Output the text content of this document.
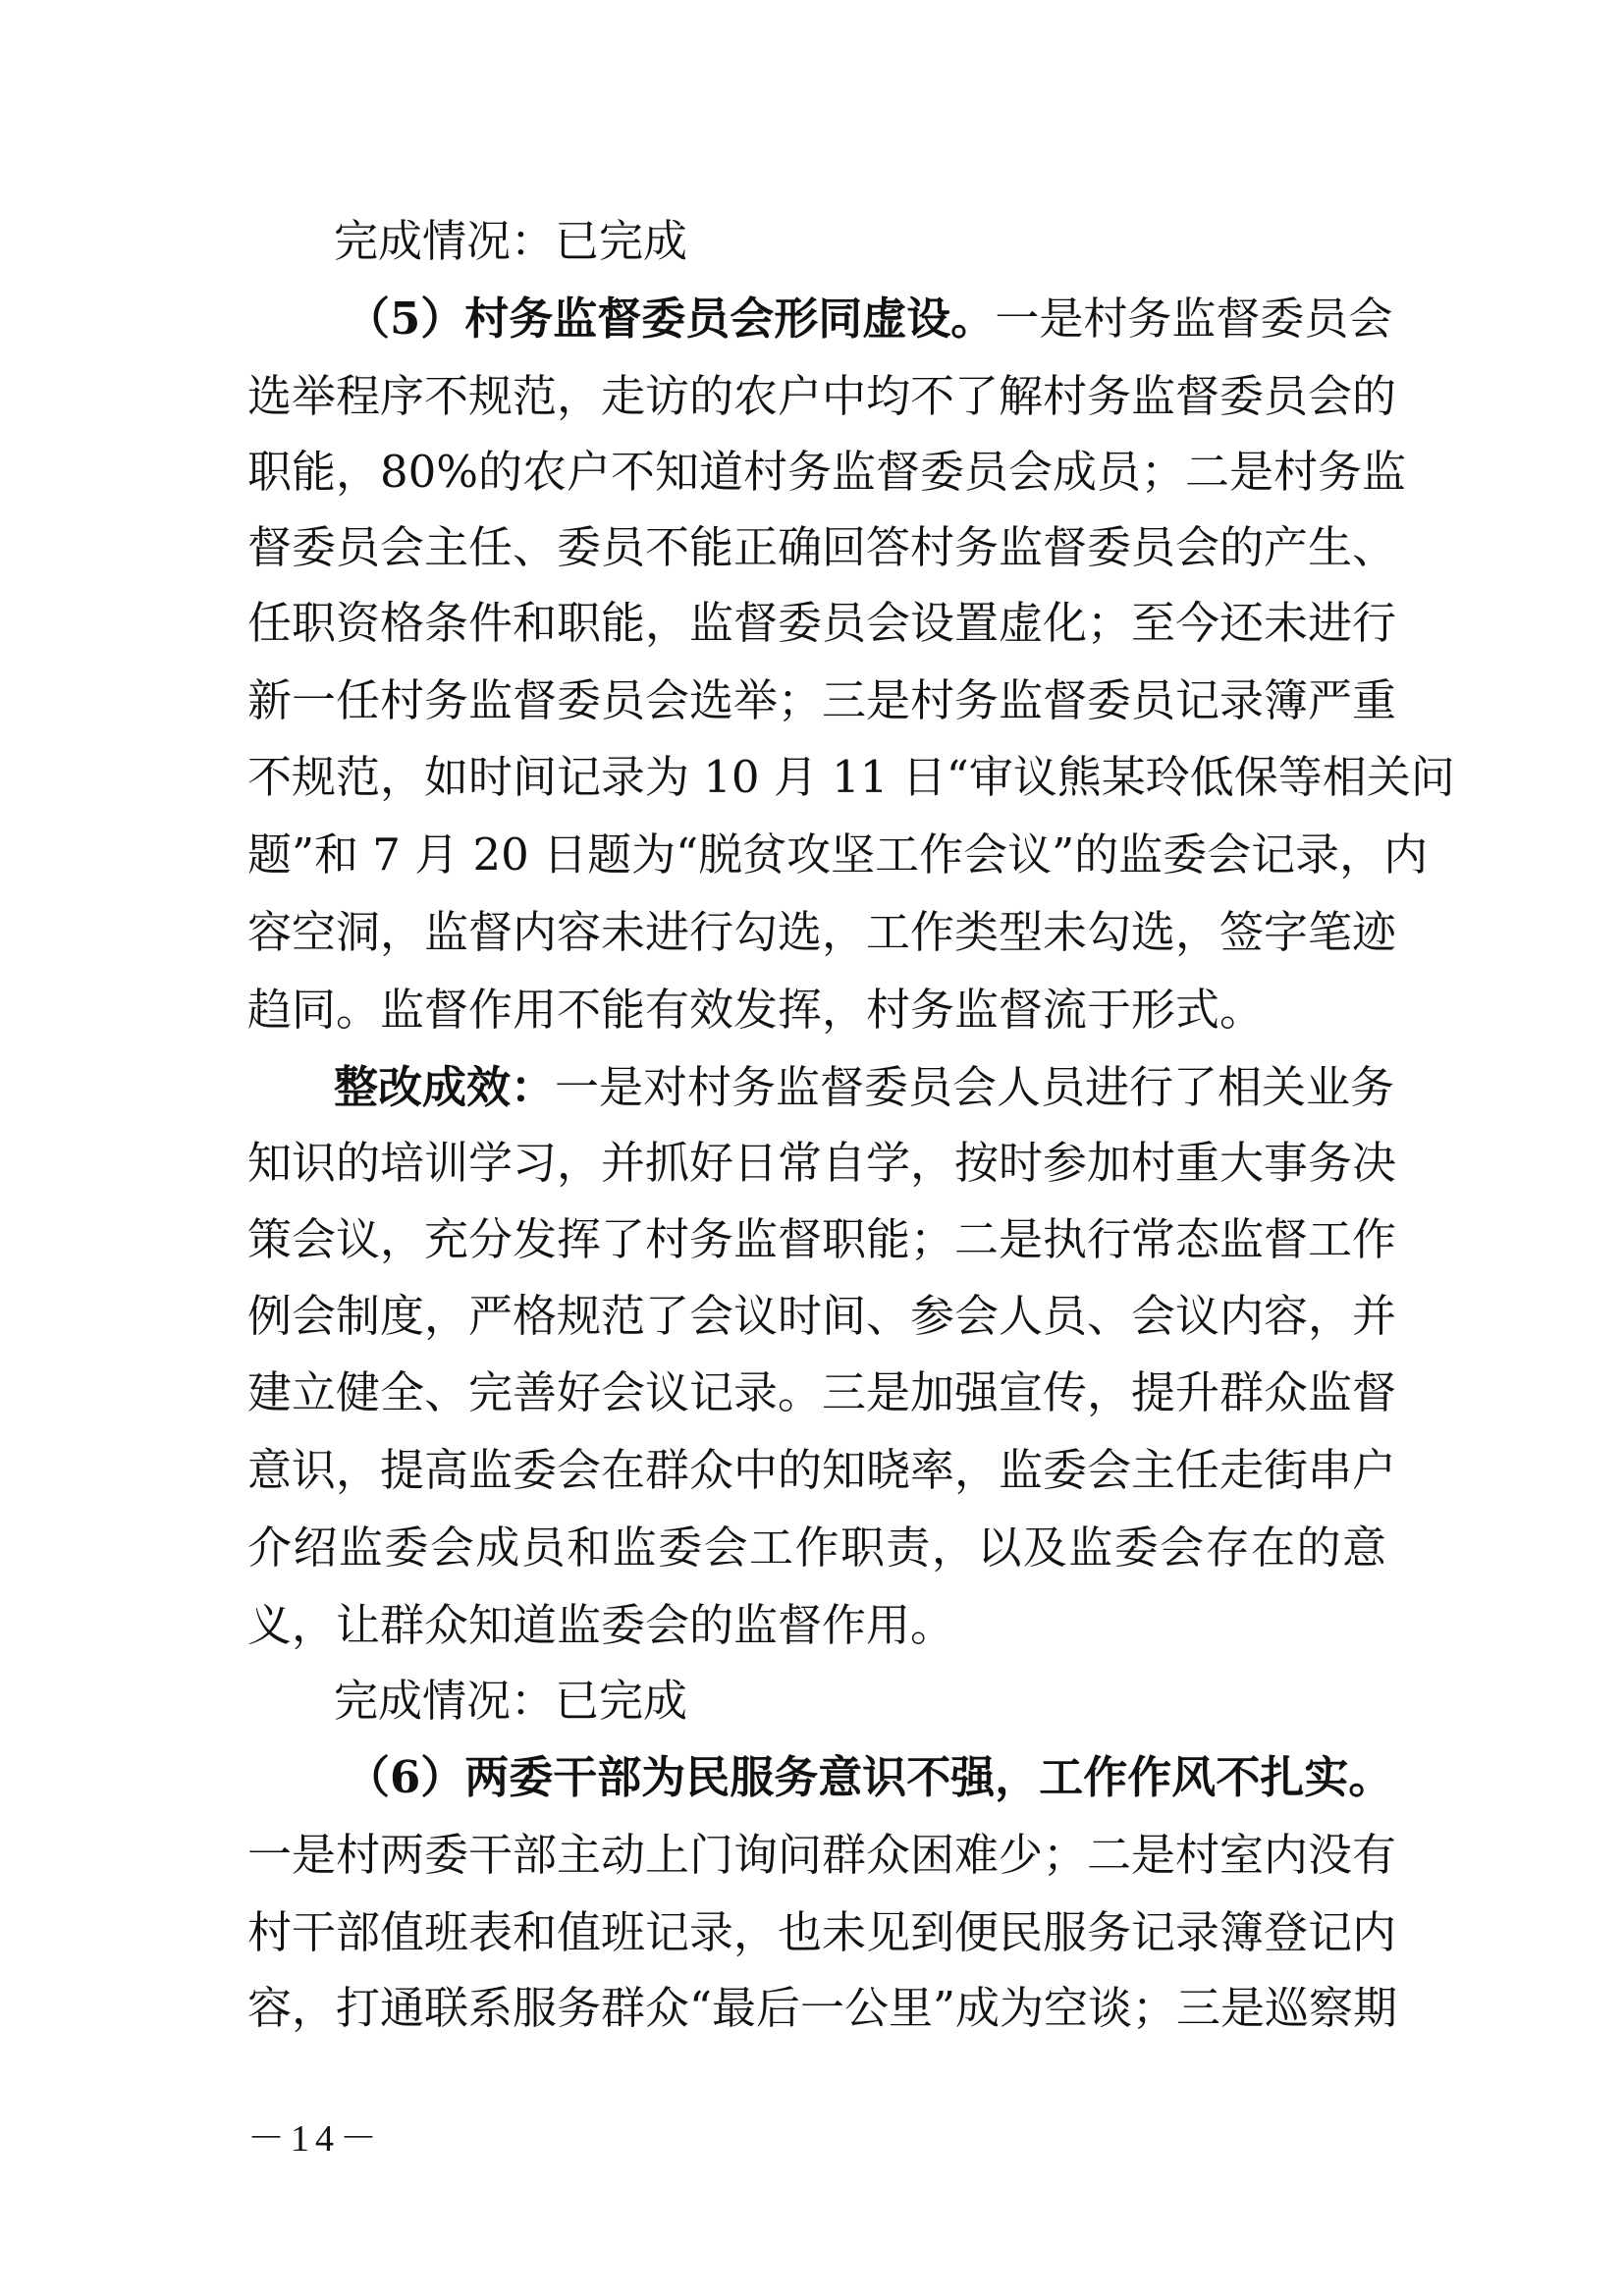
完成情况：已完成
（5）村务监督委员会形同虚设。一是村务监督委员会
选举程序不规范，走访的农户中均不了解村务监督委员会的
职能，80%的农户不知道村务监督委员会成员；二是村务监
督委员会主任、委员不能正确回答村务监督委员会的产生、
任职资格条件和职能，监督委员会设置虚化；至今还未进行
新一任村务监督委员会选举；三是村务监督委员记录簿严重
不规范，如时间记录为 10 月 11 日“审议熊某玲低保等相关问
题”和 7 月 20 日题为“脱贫攻坚工作会议”的监委会记录，内
容空洞，监督内容未进行勾选，工作类型未勾选，签字笔迹
趋同。监督作用不能有效发挥，村务监督流于形式。
整改成效：一是对村务监督委员会人员进行了相关业务
知识的培训学习，并抓好日常自学，按时参加村重大事务决
策会议，充分发挥了村务监督职能；二是执行常态监督工作
例会制度，严格规范了会议时间、参会人员、会议内容，并
建立健全、完善好会议记录。三是加强宣传，提升群众监督
意识，提高监委会在群众中的知晓率，监委会主任走街串户
介绍监委会成员和监委会工作职责，以及监委会存在的意
义，让群众知道监委会的监督作用。
完成情况：已完成
（6）两委干部为民服务意识不强，工作作风不扎实。
一是村两委干部主动上门询问群众困难少；二是村室内没有
村干部值班表和值班记录，也未见到便民服务记录簿登记内
容，打通联系服务群众“最后一公里”成为空谈；三是巡察期
－14－
